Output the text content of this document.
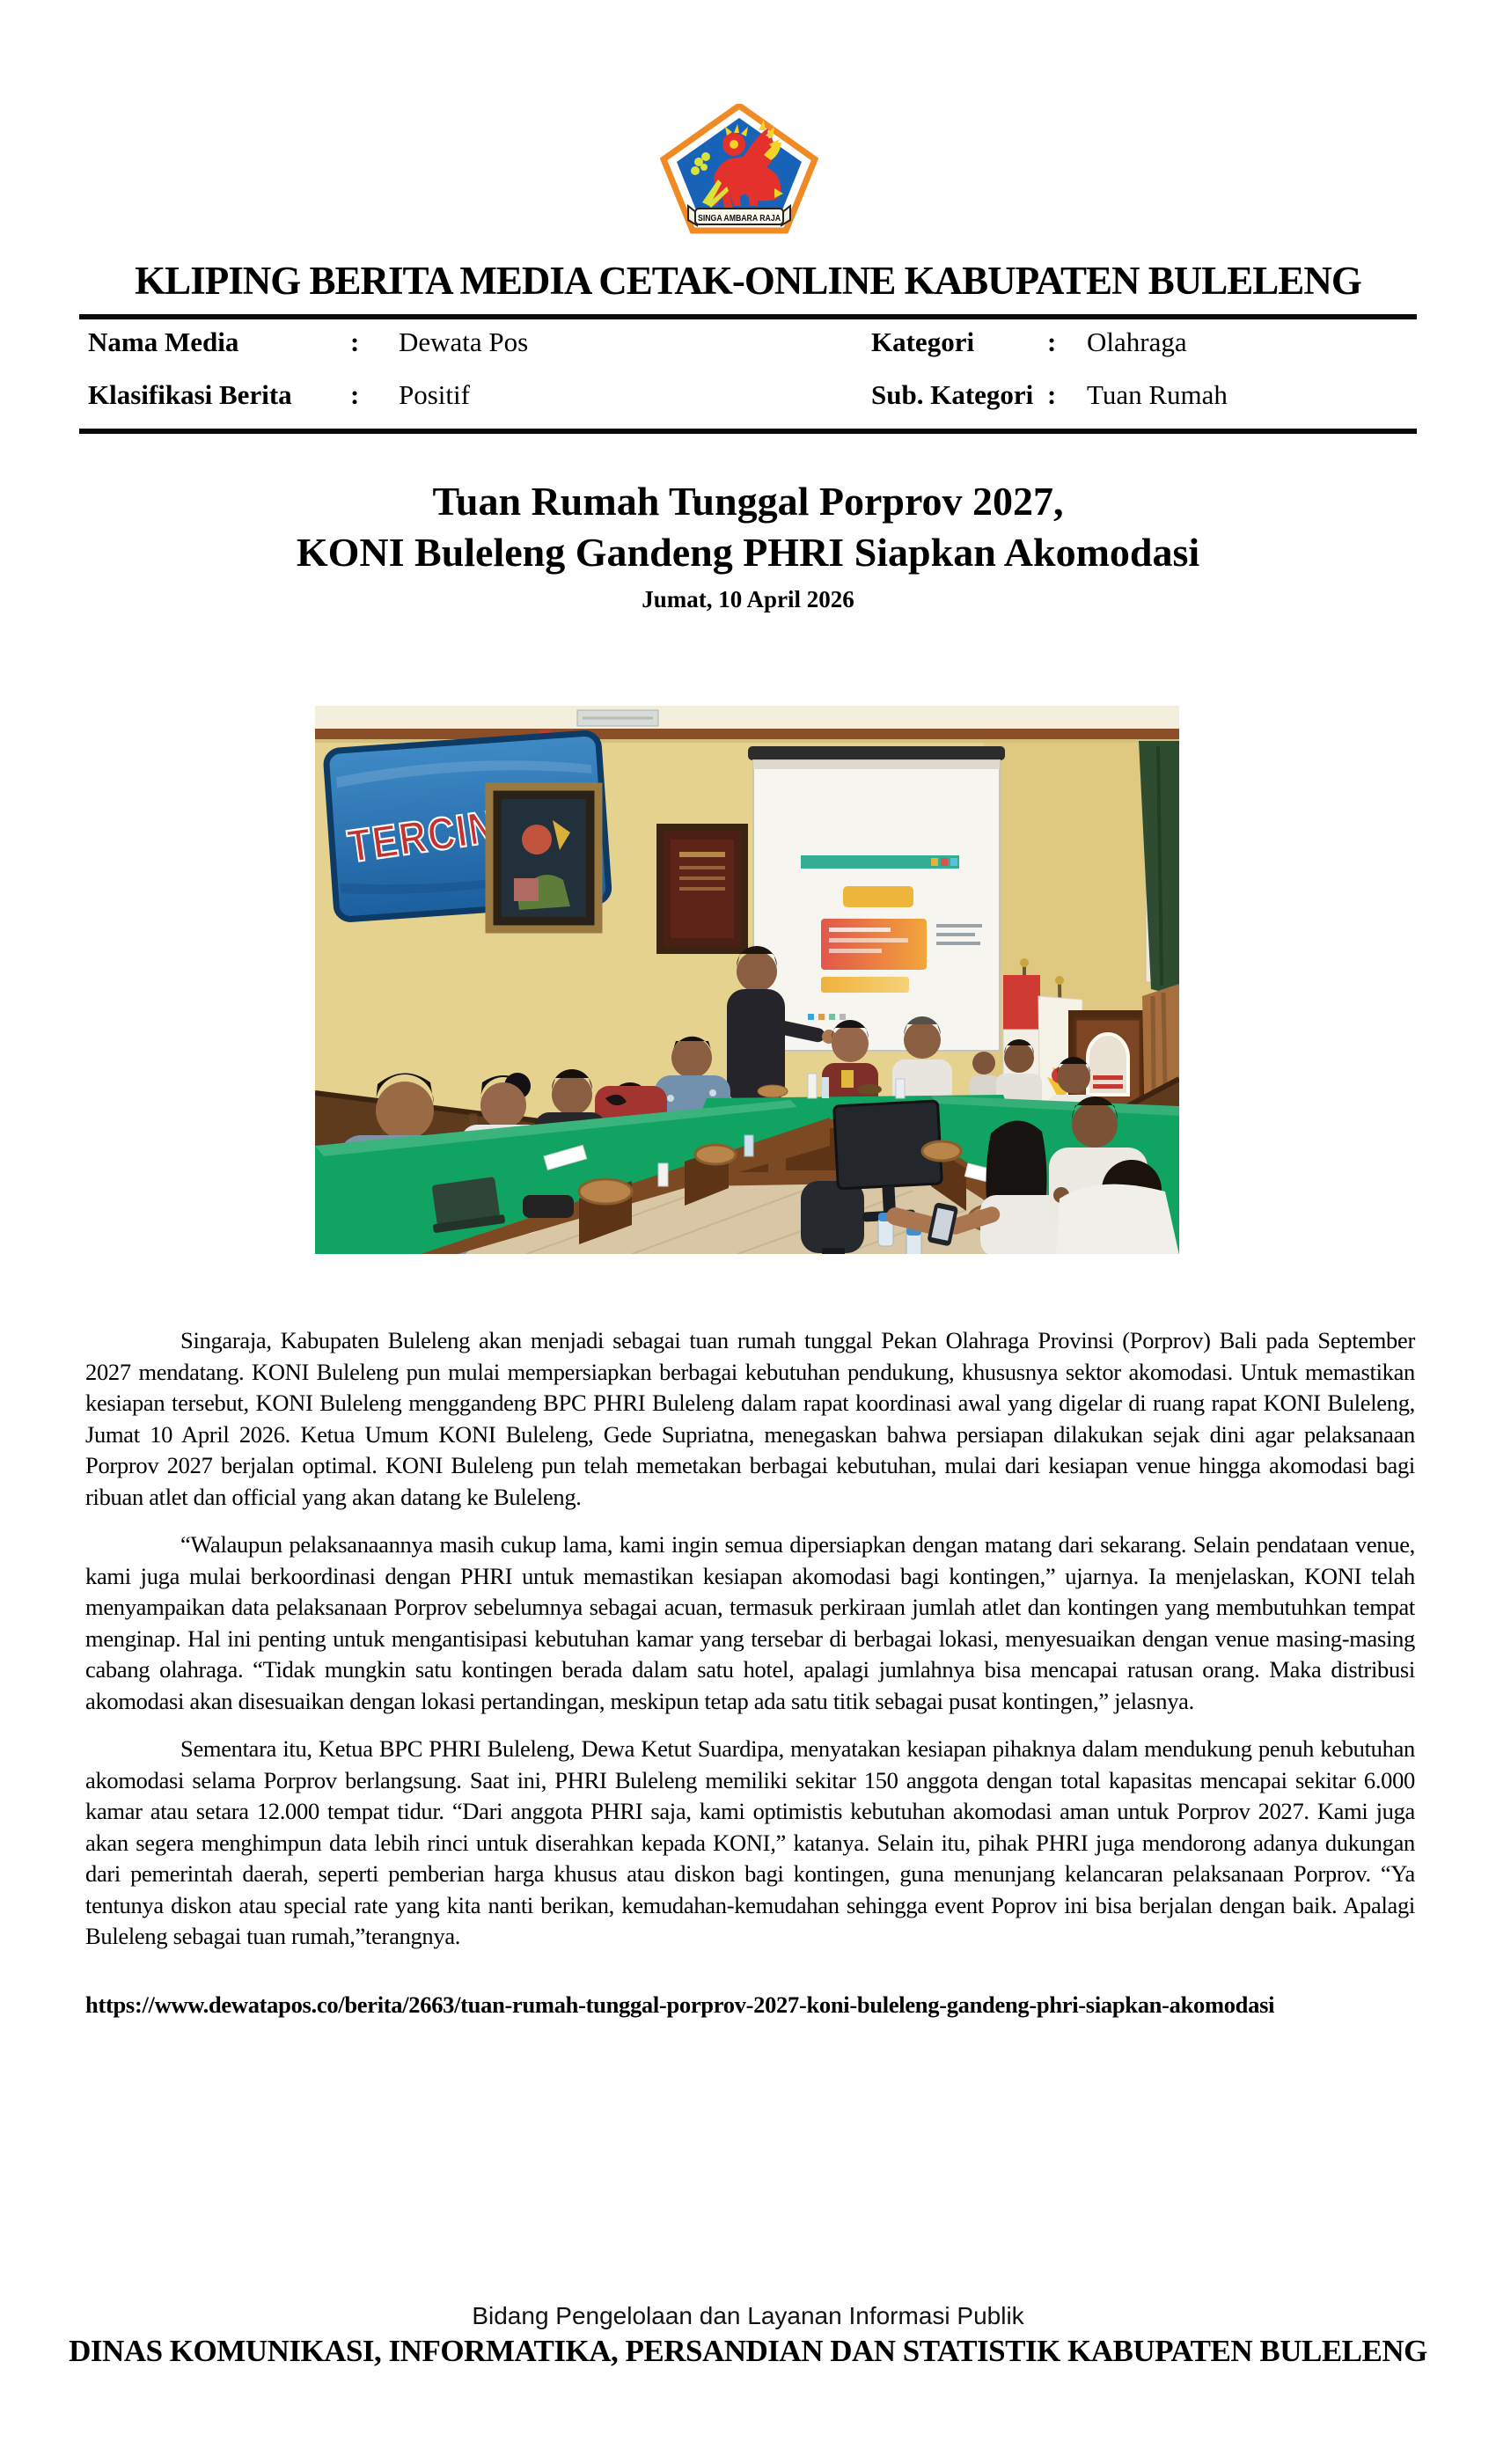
SINGA AMBARA RAJA
KLIPING BERITA MEDIA CETAK-ONLINE KABUPATEN BULELENG
Nama Media	:	Dewata Pos	Kategori	:	Olahraga
Klasifikasi Berita	:	Positif	Sub. Kategori :	Tuan Rumah
Tuan Rumah Tunggal Porprov 2027,
KONI Buleleng Gandeng PHRI Siapkan Akomodasi
Jumat, 10 April 2026

Singaraja, Kabupaten Buleleng akan menjadi sebagai tuan rumah tunggal Pekan Olahraga Provinsi (Porprov) Bali pada September 2027 mendatang. KONI Buleleng pun mulai mempersiapkan berbagai kebutuhan pendukung, khususnya sektor akomodasi. Untuk memastikan kesiapan tersebut, KONI Buleleng menggandeng BPC PHRI Buleleng dalam rapat koordinasi awal yang digelar di ruang rapat KONI Buleleng, Jumat 10 April 2026. Ketua Umum KONI Buleleng, Gede Supriatna, menegaskan bahwa persiapan dilakukan sejak dini agar pelaksanaan Porprov 2027 berjalan optimal. KONI Buleleng pun telah memetakan berbagai kebutuhan, mulai dari kesiapan venue hingga akomodasi bagi ribuan atlet dan official yang akan datang ke Buleleng.

“Walaupun pelaksanaannya masih cukup lama, kami ingin semua dipersiapkan dengan matang dari sekarang. Selain pendataan venue, kami juga mulai berkoordinasi dengan PHRI untuk memastikan kesiapan akomodasi bagi kontingen,” ujarnya. Ia menjelaskan, KONI telah menyampaikan data pelaksanaan Porprov sebelumnya sebagai acuan, termasuk perkiraan jumlah atlet dan kontingen yang membutuhkan tempat menginap. Hal ini penting untuk mengantisipasi kebutuhan kamar yang tersebar di berbagai lokasi, menyesuaikan dengan venue masing-masing cabang olahraga. “Tidak mungkin satu kontingen berada dalam satu hotel, apalagi jumlahnya bisa mencapai ratusan orang. Maka distribusi akomodasi akan disesuaikan dengan lokasi pertandingan, meskipun tetap ada satu titik sebagai pusat kontingen,” jelasnya.

Sementara itu, Ketua BPC PHRI Buleleng, Dewa Ketut Suardipa, menyatakan kesiapan pihaknya dalam mendukung penuh kebutuhan akomodasi selama Porprov berlangsung. Saat ini, PHRI Buleleng memiliki sekitar 150 anggota dengan total kapasitas mencapai sekitar 6.000 kamar atau setara 12.000 tempat tidur. “Dari anggota PHRI saja, kami optimistis kebutuhan akomodasi aman untuk Porprov 2027. Kami juga akan segera menghimpun data lebih rinci untuk diserahkan kepada KONI,” katanya. Selain itu, pihak PHRI juga mendorong adanya dukungan dari pemerintah daerah, seperti pemberian harga khusus atau diskon bagi kontingen, guna menunjang kelancaran pelaksanaan Porprov. “Ya tentunya diskon atau special rate yang kita nanti berikan, kemudahan-kemudahan sehingga event Poprov ini bisa berjalan dengan baik. Apalagi Buleleng sebagai tuan rumah,”terangnya.

https://www.dewatapos.co/berita/2663/tuan-rumah-tunggal-porprov-2027-koni-buleleng-gandeng-phri-siapkan-akomodasi

Bidang Pengelolaan dan Layanan Informasi Publik
DINAS KOMUNIKASI, INFORMATIKA, PERSANDIAN DAN STATISTIK KABUPATEN BULELENG
